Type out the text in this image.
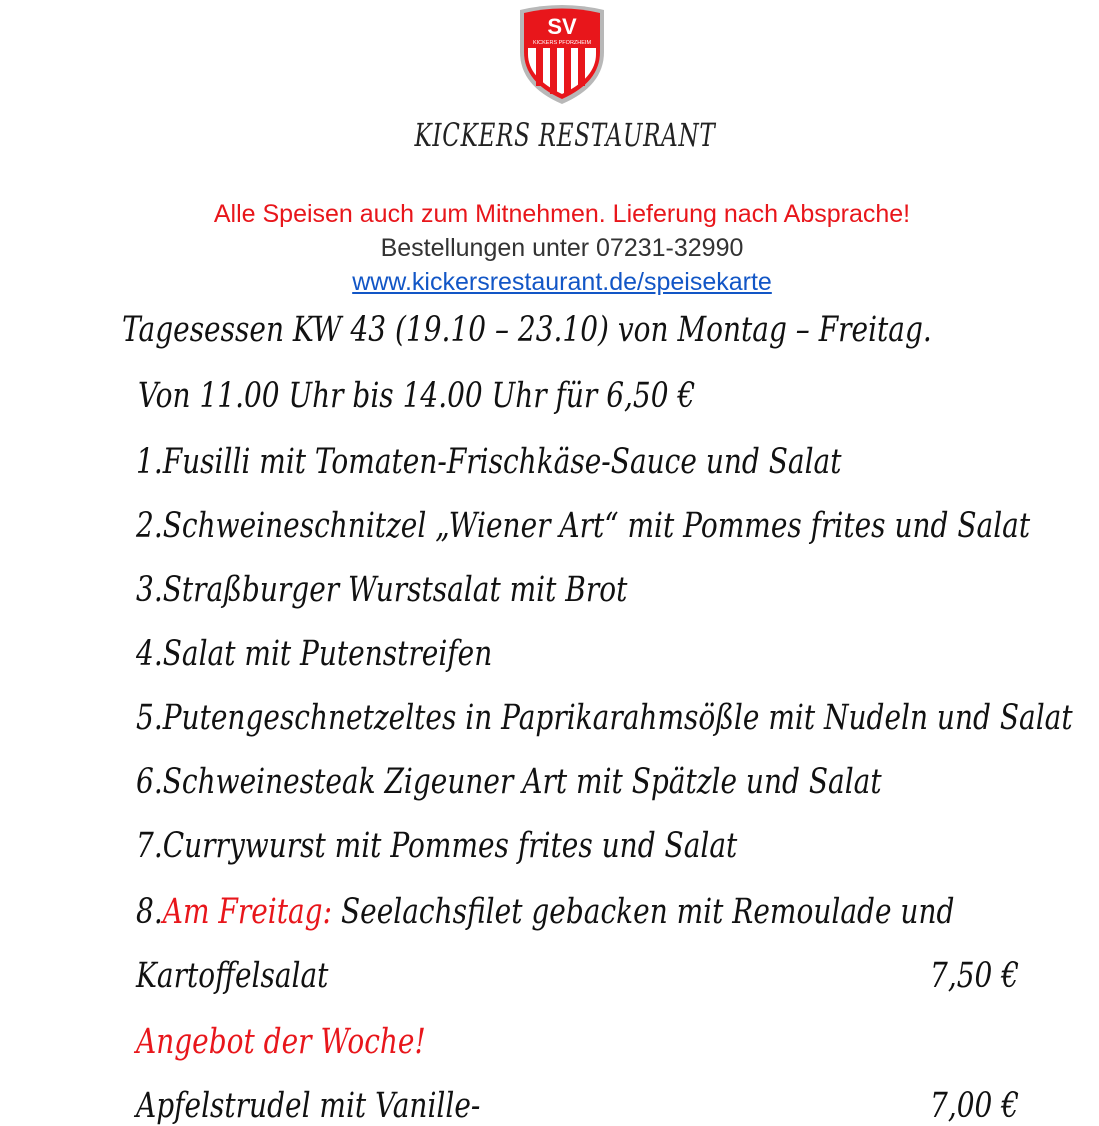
SV
KICKERS PFORZHEIM
KICKERS RESTAURANT
Alle Speisen auch zum Mitnehmen. Lieferung nach Absprache!
Bestellungen unter 07231-32990
www.kickersrestaurant.de/speisekarte
Tagesessen KW 43 (19.10 – 23.10) von Montag – Freitag.
Von 11.00 Uhr bis 14.00 Uhr für 6,50 €
1.Fusilli mit Tomaten-Frischkäse-Sauce und Salat
2.Schweineschnitzel „Wiener Art“ mit Pommes frites und Salat
3.Straßburger Wurstsalat mit Brot
4.Salat mit Putenstreifen
5.Putengeschnetzeltes in Paprikarahmsößle mit Nudeln und Salat
6.Schweinesteak Zigeuner Art mit Spätzle und Salat
7.Currywurst mit Pommes frites und Salat
8.Am Freitag: Seelachsfilet gebacken mit Remoulade und
Kartoffelsalat	7,50 €
Angebot der Woche!
Apfelstrudel mit Vanille-	7,00 €
